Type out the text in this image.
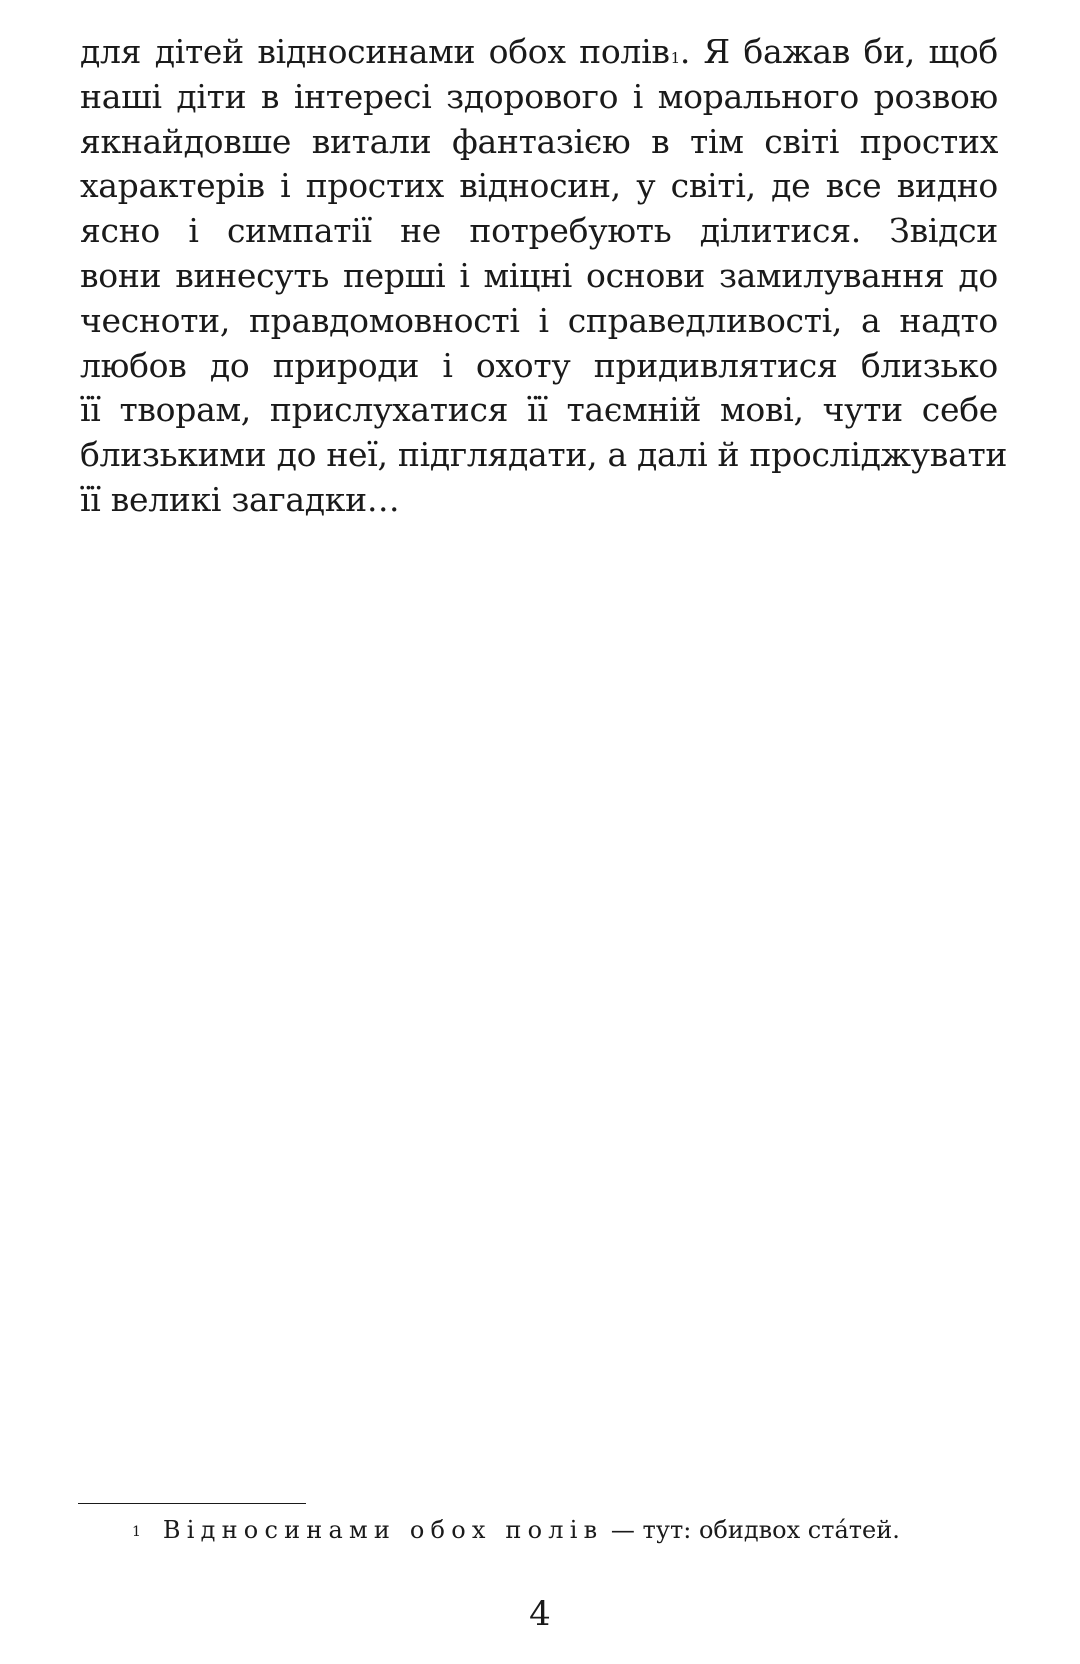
для дітей відносинами обох полів$^1$. Я бажав би, щоб
наші діти в інтересі здорового і морального розвою
якнайдовше витали фантазією в тім світі простих
характерів і простих відносин, у світі, де все видно
ясно і симпатії не потребують ділитися. Звідси
вони винесуть перші і міцні основи замилування до
чесноти, правдомовності і справедливості, а надто
любов до природи і охоту придивлятися близько
її творам, прислухатися її таємній мові, чути себе
близькими до неї, підглядати, а далі й прослiджувати
її великі загадки…

$^1$ Відносинами обох полів — тут: обидвох ста́тей.

4
